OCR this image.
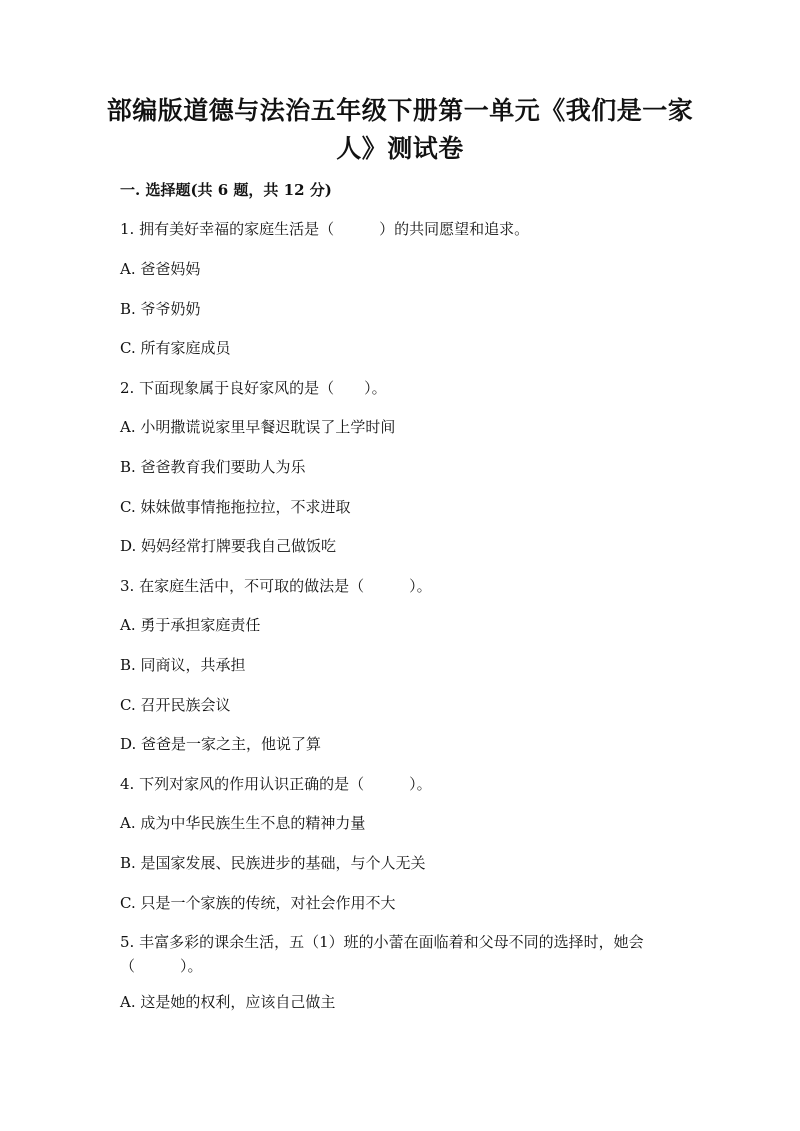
部编版道德与法治五年级下册第一单元《我们是一家人》测试卷
一. 选择题(共 6 题，共 12 分)
1. 拥有美好幸福的家庭生活是（　　　）的共同愿望和追求。
A. 爸爸妈妈
B. 爷爷奶奶
C. 所有家庭成员
2. 下面现象属于良好家风的是（　　）。
A. 小明撒谎说家里早餐迟耽误了上学时间
B. 爸爸教育我们要助人为乐
C. 妹妹做事情拖拖拉拉，不求进取
D. 妈妈经常打牌要我自己做饭吃
3. 在家庭生活中，不可取的做法是（　　　）。
A. 勇于承担家庭责任
B. 同商议，共承担
C. 召开民族会议
D. 爸爸是一家之主，他说了算
4. 下列对家风的作用认识正确的是（　　　）。
A. 成为中华民族生生不息的精神力量
B. 是国家发展、民族进步的基础，与个人无关
C. 只是一个家族的传统，对社会作用不大
5. 丰富多彩的课余生活，五（1）班的小蕾在面临着和父母不同的选择时，她会（　　　）。
A. 这是她的权利，应该自己做主
